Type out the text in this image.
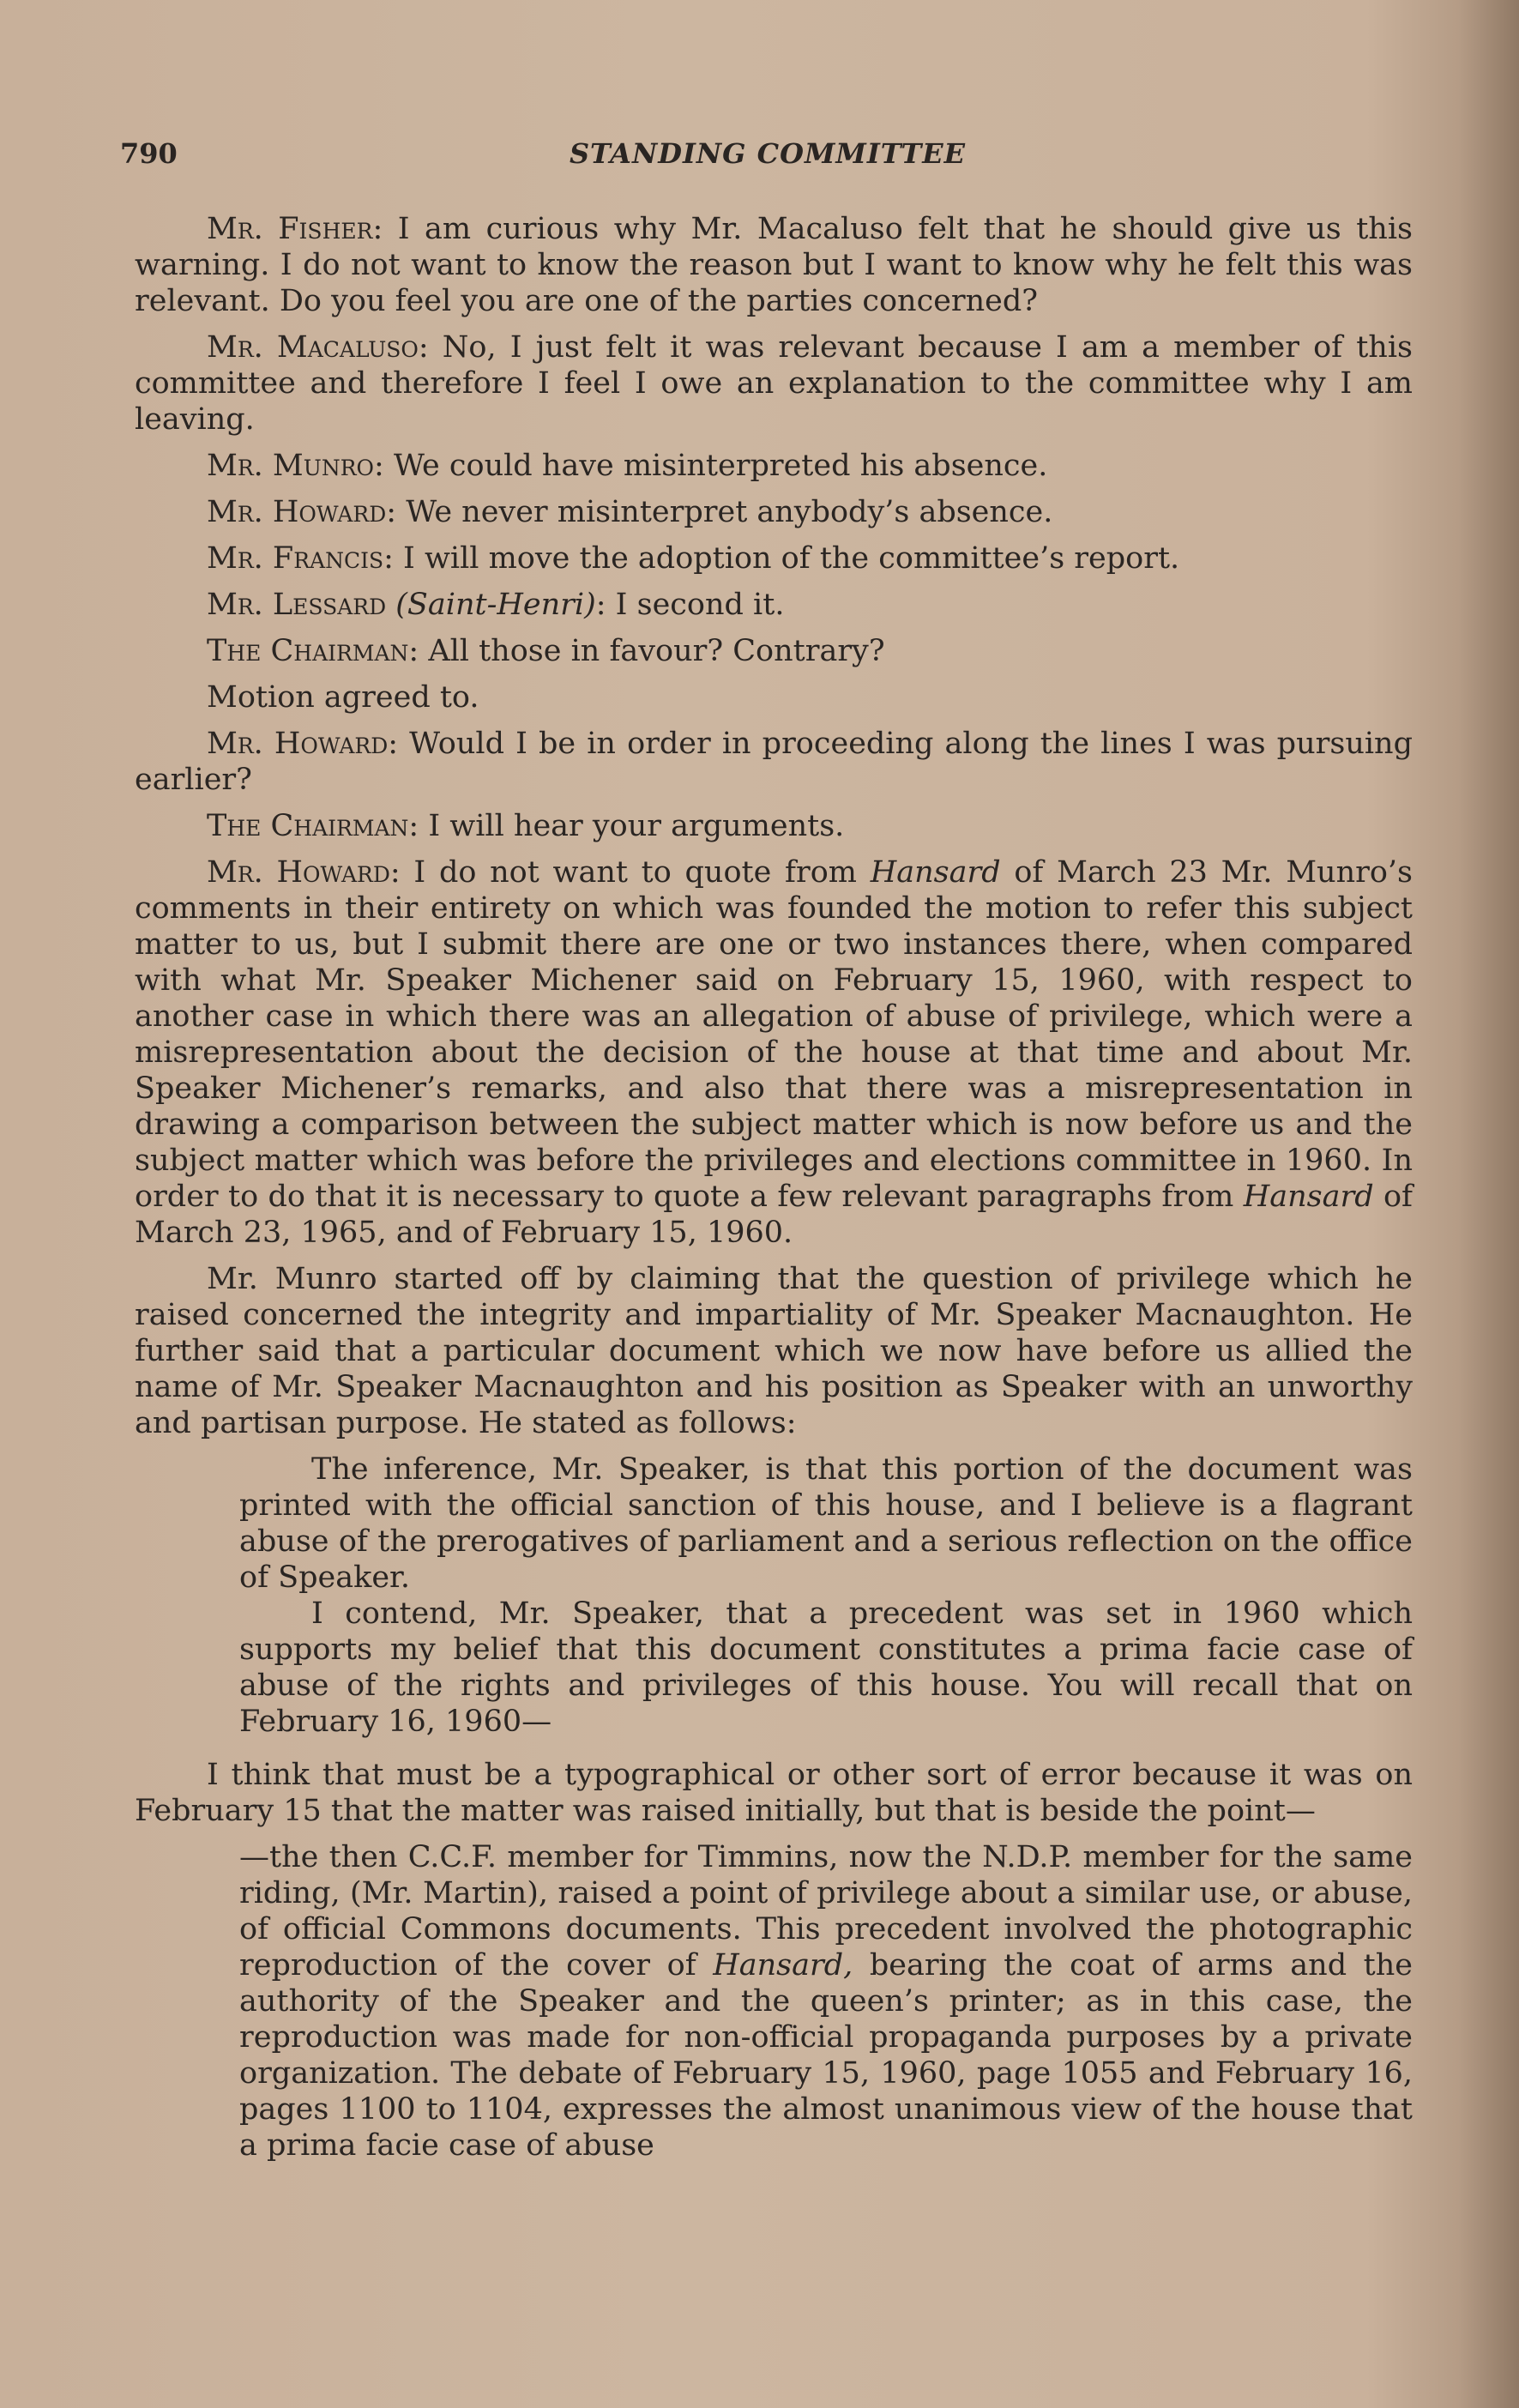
790	STANDING COMMITTEE

Mr. Fisher: I am curious why Mr. Macaluso felt that he should give us this warning. I do not want to know the reason but I want to know why he felt this was relevant. Do you feel you are one of the parties concerned?

Mr. Macaluso: No, I just felt it was relevant because I am a member of this committee and therefore I feel I owe an explanation to the committee why I am leaving.

Mr. Munro: We could have misinterpreted his absence.

Mr. Howard: We never misinterpret anybody’s absence.

Mr. Francis: I will move the adoption of the committee’s report.

Mr. Lessard (Saint-Henri): I second it.

The Chairman: All those in favour? Contrary?

Motion agreed to.

Mr. Howard: Would I be in order in proceeding along the lines I was pursuing earlier?

The Chairman: I will hear your arguments.

Mr. Howard: I do not want to quote from Hansard of March 23 Mr. Munro’s comments in their entirety on which was founded the motion to refer this subject matter to us, but I submit there are one or two instances there, when compared with what Mr. Speaker Michener said on February 15, 1960, with respect to another case in which there was an allegation of abuse of privilege, which were a misrepresentation about the decision of the house at that time and about Mr. Speaker Michener’s remarks, and also that there was a misrepresentation in drawing a comparison between the subject matter which is now before us and the subject matter which was before the privileges and elections committee in 1960. In order to do that it is necessary to quote a few relevant paragraphs from Hansard of March 23, 1965, and of February 15, 1960.

Mr. Munro started off by claiming that the question of privilege which he raised concerned the integrity and impartiality of Mr. Speaker Macnaughton. He further said that a particular document which we now have before us allied the name of Mr. Speaker Macnaughton and his position as Speaker with an unworthy and partisan purpose. He stated as follows:

The inference, Mr. Speaker, is that this portion of the document was printed with the official sanction of this house, and I believe is a flagrant abuse of the prerogatives of parliament and a serious reflection on the office of Speaker.

I contend, Mr. Speaker, that a precedent was set in 1960 which supports my belief that this document constitutes a prima facie case of abuse of the rights and privileges of this house. You will recall that on February 16, 1960—

I think that must be a typographical or other sort of error because it was on February 15 that the matter was raised initially, but that is beside the point—

—the then C.C.F. member for Timmins, now the N.D.P. member for the same riding, (Mr. Martin), raised a point of privilege about a similar use, or abuse, of official Commons documents. This precedent involved the photographic reproduction of the cover of Hansard, bearing the coat of arms and the authority of the Speaker and the queen’s printer; as in this case, the reproduction was made for non-official propaganda purposes by a private organization. The debate of February 15, 1960, page 1055 and February 16, pages 1100 to 1104, expresses the almost unanimous view of the house that a prima facie case of abuse
